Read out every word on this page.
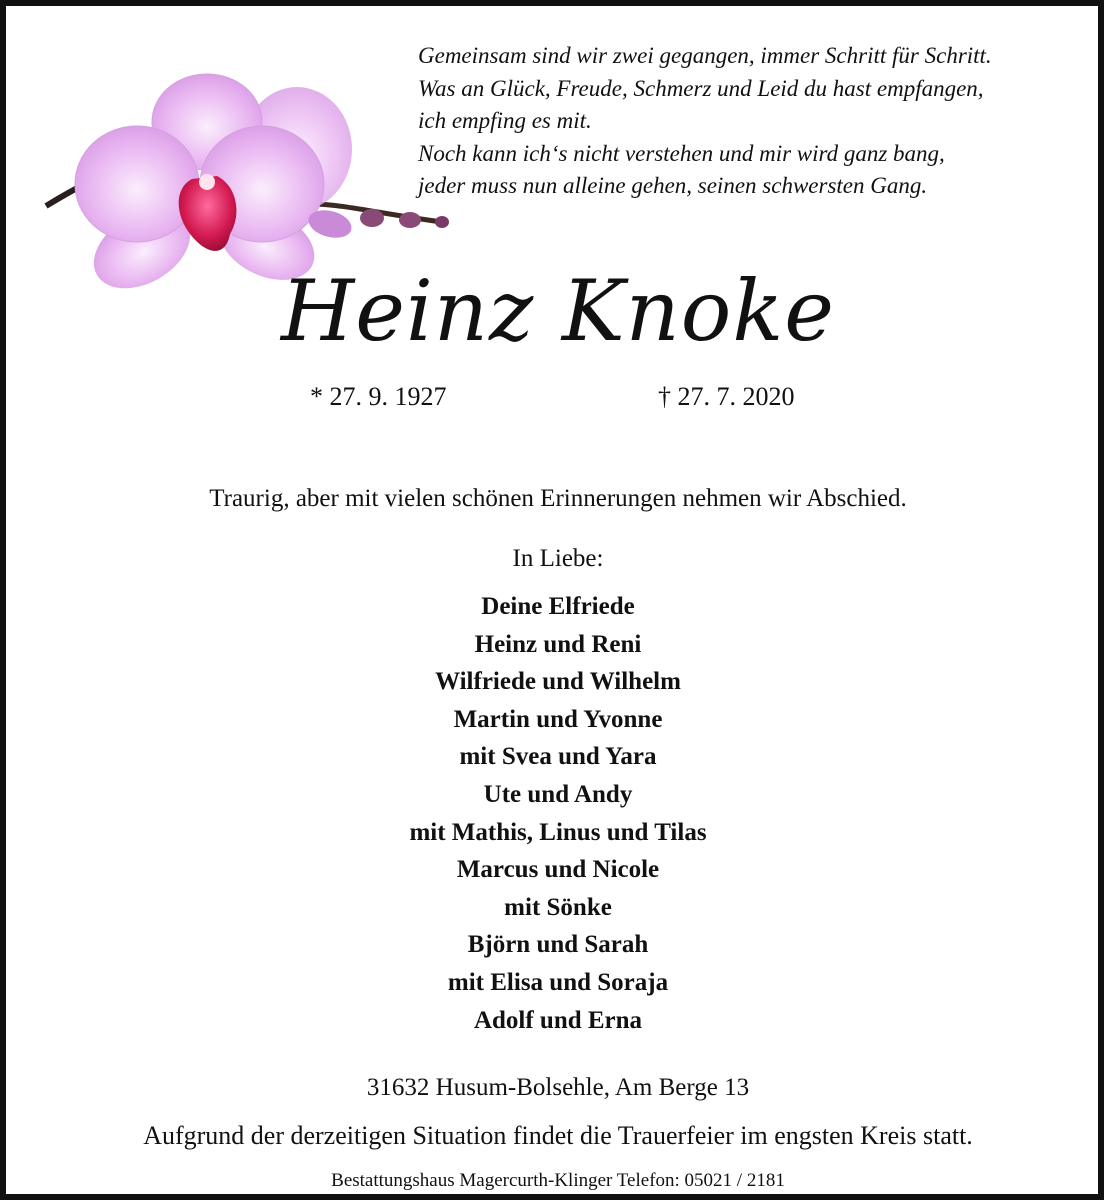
Gemeinsam sind wir zwei gegangen, immer Schritt für Schritt.
Was an Glück, Freude, Schmerz und Leid du hast empfangen,
ich empfing es mit.
Noch kann ich‘s nicht verstehen und mir wird ganz bang,
jeder muss nun alleine gehen, seinen schwersten Gang.
Heinz Knoke
* 27. 9. 1927	† 27. 7. 2020
Traurig, aber mit vielen schönen Erinnerungen nehmen wir Abschied.
In Liebe:
Deine Elfriede
Heinz und Reni
Wilfriede und Wilhelm
Martin und Yvonne
mit Svea und Yara
Ute und Andy
mit Mathis, Linus und Tilas
Marcus und Nicole
mit Sönke
Björn und Sarah
mit Elisa und Soraja
Adolf und Erna
31632 Husum-Bolsehle, Am Berge 13
Aufgrund der derzeitigen Situation findet die Trauerfeier im engsten Kreis statt.
Bestattungshaus Magercurth-Klinger Telefon: 05021 / 2181
